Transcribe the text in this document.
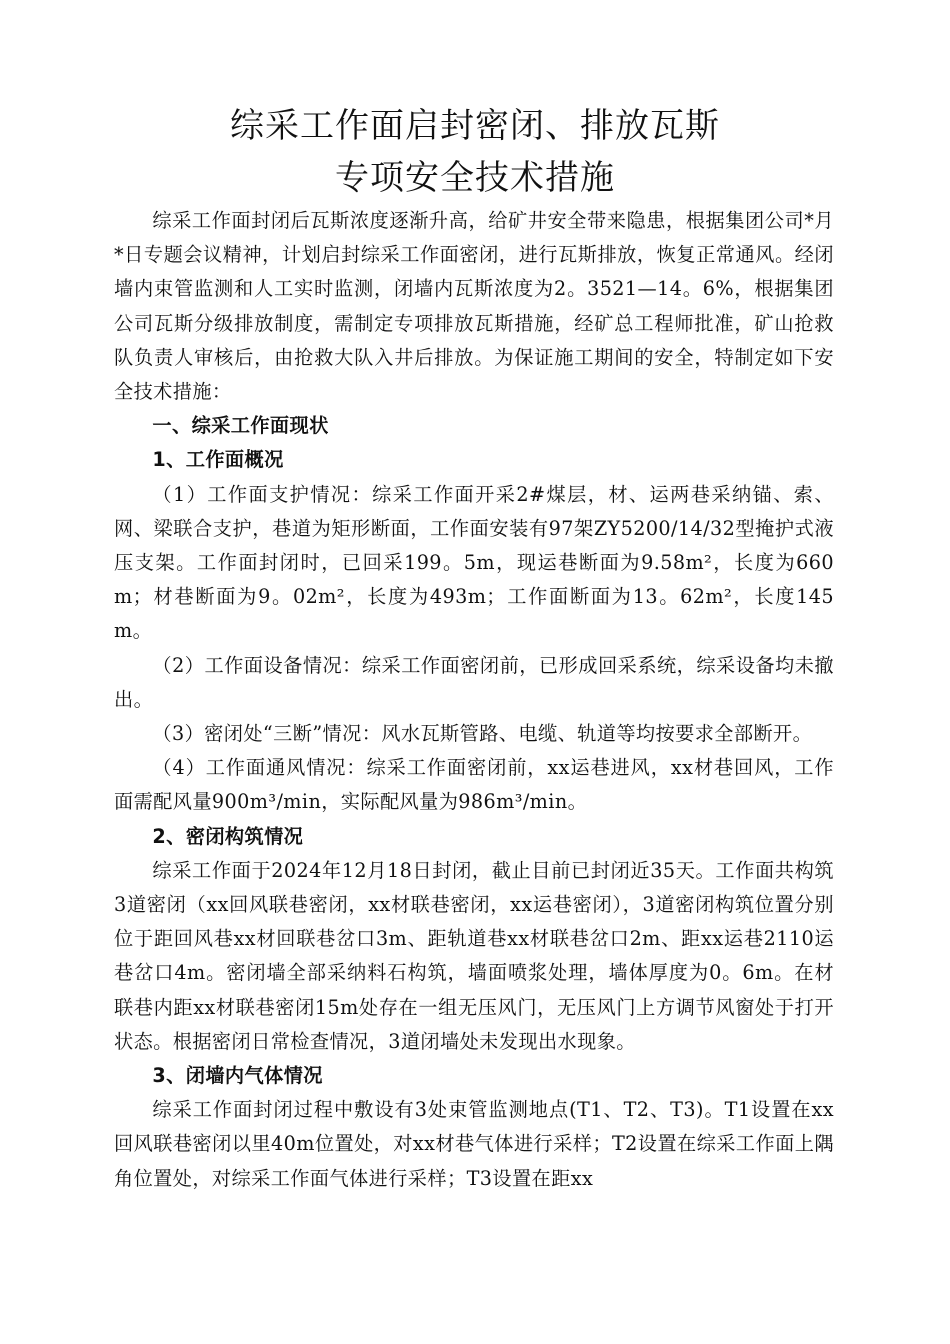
综采工作面启封密闭、排放瓦斯
专项安全技术措施

综采工作面封闭后瓦斯浓度逐渐升高，给矿井安全带来隐患，根据集团公司*月*日专题会议精神，计划启封综采工作面密闭，进行瓦斯排放，恢复正常通风。经闭墙内束管监测和人工实时监测，闭墙内瓦斯浓度为2。3521—14。6%，根据集团公司瓦斯分级排放制度，需制定专项排放瓦斯措施，经矿总工程师批准，矿山抢救队负责人审核后，由抢救大队入井后排放。为保证施工期间的安全，特制定如下安全技术措施：

一、综采工作面现状

1、工作面概况

（1）工作面支护情况：综采工作面开采2#煤层，材、运两巷采纳锚、索、网、梁联合支护，巷道为矩形断面，工作面安装有97架ZY5200/14/32型掩护式液压支架。工作面封闭时，已回采199。5m，现运巷断面为9.58m²，长度为660m；材巷断面为9。02m²，长度为493m；工作面断面为13。62m²，长度145m。

（2）工作面设备情况：综采工作面密闭前，已形成回采系统，综采设备均未撤出。

（3）密闭处“三断”情况：风水瓦斯管路、电缆、轨道等均按要求全部断开。

（4）工作面通风情况：综采工作面密闭前，xx运巷进风，xx材巷回风，工作面需配风量900m³/min，实际配风量为986m³/min。

2、密闭构筑情况

综采工作面于2024年12月18日封闭，截止目前已封闭近35天。工作面共构筑3道密闭（xx回风联巷密闭，xx材联巷密闭，xx运巷密闭），3道密闭构筑位置分别位于距回风巷xx材回联巷岔口3m、距轨道巷xx材联巷岔口2m、距xx运巷2110运巷岔口4m。密闭墙全部采纳料石构筑，墙面喷浆处理，墙体厚度为0。6m。在材联巷内距xx材联巷密闭15m处存在一组无压风门，无压风门上方调节风窗处于打开状态。根据密闭日常检查情况，3道闭墙处未发现出水现象。

3、闭墙内气体情况

综采工作面封闭过程中敷设有3处束管监测地点(T1、T2、T3)。T1设置在xx回风联巷密闭以里40m位置处，对xx材巷气体进行采样；T2设置在综采工作面上隅角位置处，对综采工作面气体进行采样；T3设置在距xx
